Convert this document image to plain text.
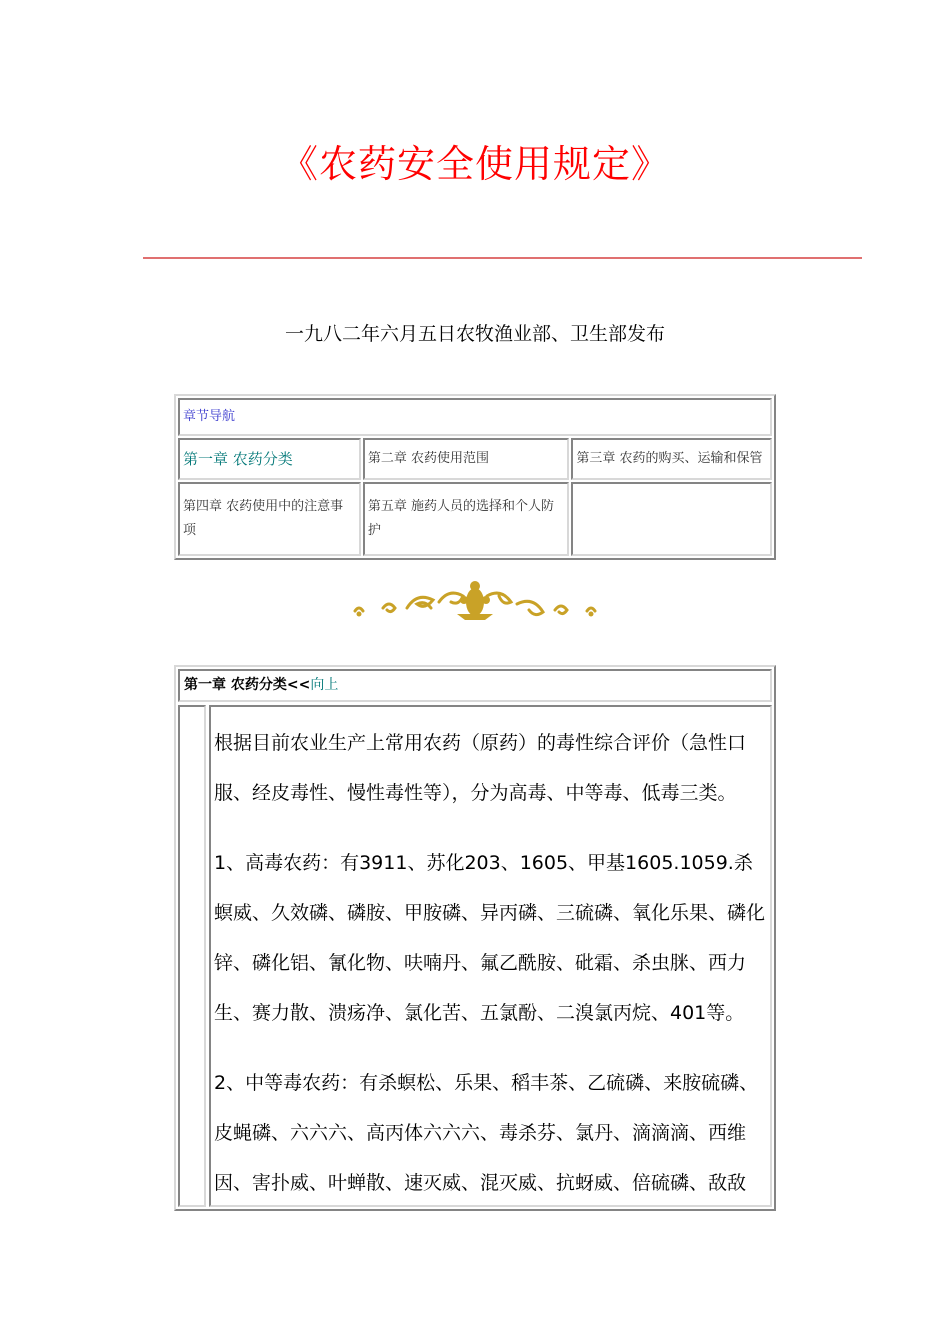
《农药安全使用规定》
一九八二年六月五日农牧渔业部、卫生部发布
章节导航		
第一章 农药分类	第二章 农药使用范围	第三章 农药的购买、运输和保管
第四章 农药使用中的注意事项	第五章 施药人员的选择和个人防护	
第一章 农药分类<<向上

根据目前农业生产上常用农药（原药）的毒性综合评价（急性口服、经皮毒性、慢性毒性等），分为高毒、中等毒、低毒三类。

1、高毒农药：有3911、苏化203、1605、甲基1605.1059.杀螟威、久效磷、磷胺、甲胺磷、异丙磷、三硫磷、氧化乐果、磷化锌、磷化铝、氰化物、呋喃丹、氟乙酰胺、砒霜、杀虫脒、西力生、赛力散、溃疡净、氯化苦、五氯酚、二溴氯丙烷、401等。

2、中等毒农药：有杀螟松、乐果、稻丰茶、乙硫磷、来胺硫磷、皮蝇磷、六六六、高丙体六六六、毒杀芬、氯丹、滴滴滴、西维因、害扑威、叶蝉散、速灭威、混灭威、抗蚜威、倍硫磷、敌敌
